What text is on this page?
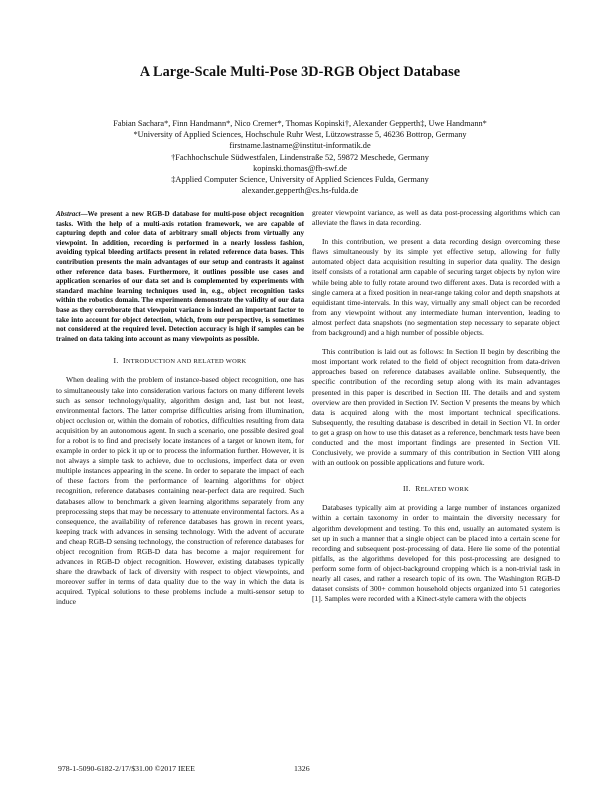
A Large-Scale Multi-Pose 3D-RGB Object Database
Fabian Sachara*, Finn Handmann*, Nico Cremer*, Thomas Kopinski†, Alexander Gepperth‡, Uwe Handmann*
*University of Applied Sciences, Hochschule Ruhr West, Lützowstrasse 5, 46236 Bottrop, Germany
firstname.lastname@institut-informatik.de
†Fachhochschule Südwestfalen, Lindenstraße 52, 59872 Meschede, Germany
kopinski.thomas@fh-swf.de
‡Applied Computer Science, University of Applied Sciences Fulda, Germany
alexander.gepperth@cs.hs-fulda.de
Abstract—We present a new RGB-D database for multi-pose object recognition tasks. With the help of a multi-axis rotation framework, we are capable of capturing depth and color data of arbitrary small objects from virtually any viewpoint. In addition, recording is performed in a nearly lossless fashion, avoiding typical bleeding artifacts present in related reference data bases. This contribution presents the main advantages of our setup and contrasts it against other reference data bases. Furthermore, it outlines possible use cases and application scenarios of our data set and is complemented by experiments with standard machine learning techniques used in, e.g., object recognition tasks within the robotics domain. The experiments demonstrate the validity of our data base as they corroborate that viewpoint variance is indeed an important factor to take into account for object detection, which, from our perspective, is sometimes not considered at the required level. Detection accuracy is high if samples can be trained on data taking into account as many viewpoints as possible.
I. INTRODUCTION AND RELATED WORK

When dealing with the problem of instance-based object recognition, one has to simultaneously take into consideration various factors on many different levels such as sensor technology/quality, algorithm design and, last but not least, environmental factors. The latter comprise difficulties arising from illumination, object occlusion or, within the domain of robotics, difficulties resulting from data acquisition by an autonomous agent. In such a scenario, one possible desired goal for a robot is to find and precisely locate instances of a target or known item, for example in order to pick it up or to process the information further. However, it is not always a simple task to achieve, due to occlusions, imperfect data or even multiple instances appearing in the scene. In order to separate the impact of each of these factors from the performance of learning algorithms for object recognition, reference databases containing near-perfect data are required. Such databases allow to benchmark a given learning algorithms separately from any preprocessing steps that may be necessary to attenuate environmental factors. As a consequence, the availability of reference databases has grown in recent years, keeping track with advances in sensing technology. With the advent of accurate and cheap RGB-D sensing technology, the construction of reference databases for object recognition from RGB-D data has become a major requirement for advances in RGB-D object recognition. However, existing databases typically share the drawback of lack of diversity with respect to object viewpoints, and moreover suffer in terms of data quality due to the way in which the data is acquired. Typical solutions to these problems include a multi-sensor setup to induce

greater viewpoint variance, as well as data post-processing algorithms which can alleviate the flaws in data recording.

In this contribution, we present a data recording design overcoming these flaws simultaneously by its simple yet effective setup, allowing for fully automated object data acquisition resulting in superior data quality. The design itself consists of a rotational arm capable of securing target objects by nylon wire while being able to fully rotate around two different axes. Data is recorded with a single camera at a fixed position in near-range taking color and depth snapshots at equidistant time-intervals. In this way, virtually any small object can be recorded from any viewpoint without any intermediate human intervention, leading to almost perfect data snapshots (no segmentation step necessary to separate object from background) and a high number of possible objects.

This contribution is laid out as follows: In Section II begin by describing the most important work related to the field of object recognition from data-driven approaches based on reference databases available online. Subsequently, the specific contribution of the recording setup along with its main advantages presented in this paper is described in Section III. The details and and system overview are then provided in Section IV. Section V presents the means by which data is acquired along with the most important technical specifications. Subsequently, the resulting database is described in detail in Section VI. In order to get a grasp on how to use this dataset as a reference, benchmark tests have been conducted and the most important findings are presented in Section VII. Conclusively, we provide a summary of this contribution in Section VIII along with an outlook on possible applications and future work.

II. RELATED WORK

Databases typically aim at providing a large number of instances organized within a certain taxonomy in order to maintain the diversity necessary for algorithm development and testing. To this end, usually an automated system is set up in such a manner that a single object can be placed into a certain scene for recording and subsequent post-processing of data. Here lie some of the potential pitfalls, as the algorithms developed for this post-processing are designed to perform some form of object-background cropping which is a non-trivial task in nearly all cases, and rather a research topic of its own. The Washington RGB-D dataset consists of 300+ common household objects organized into 51 categories [1]. Samples were recorded with a Kinect-style camera with the objects

978-1-5090-6182-2/17/$31.00 ©2017 IEEE	1326
